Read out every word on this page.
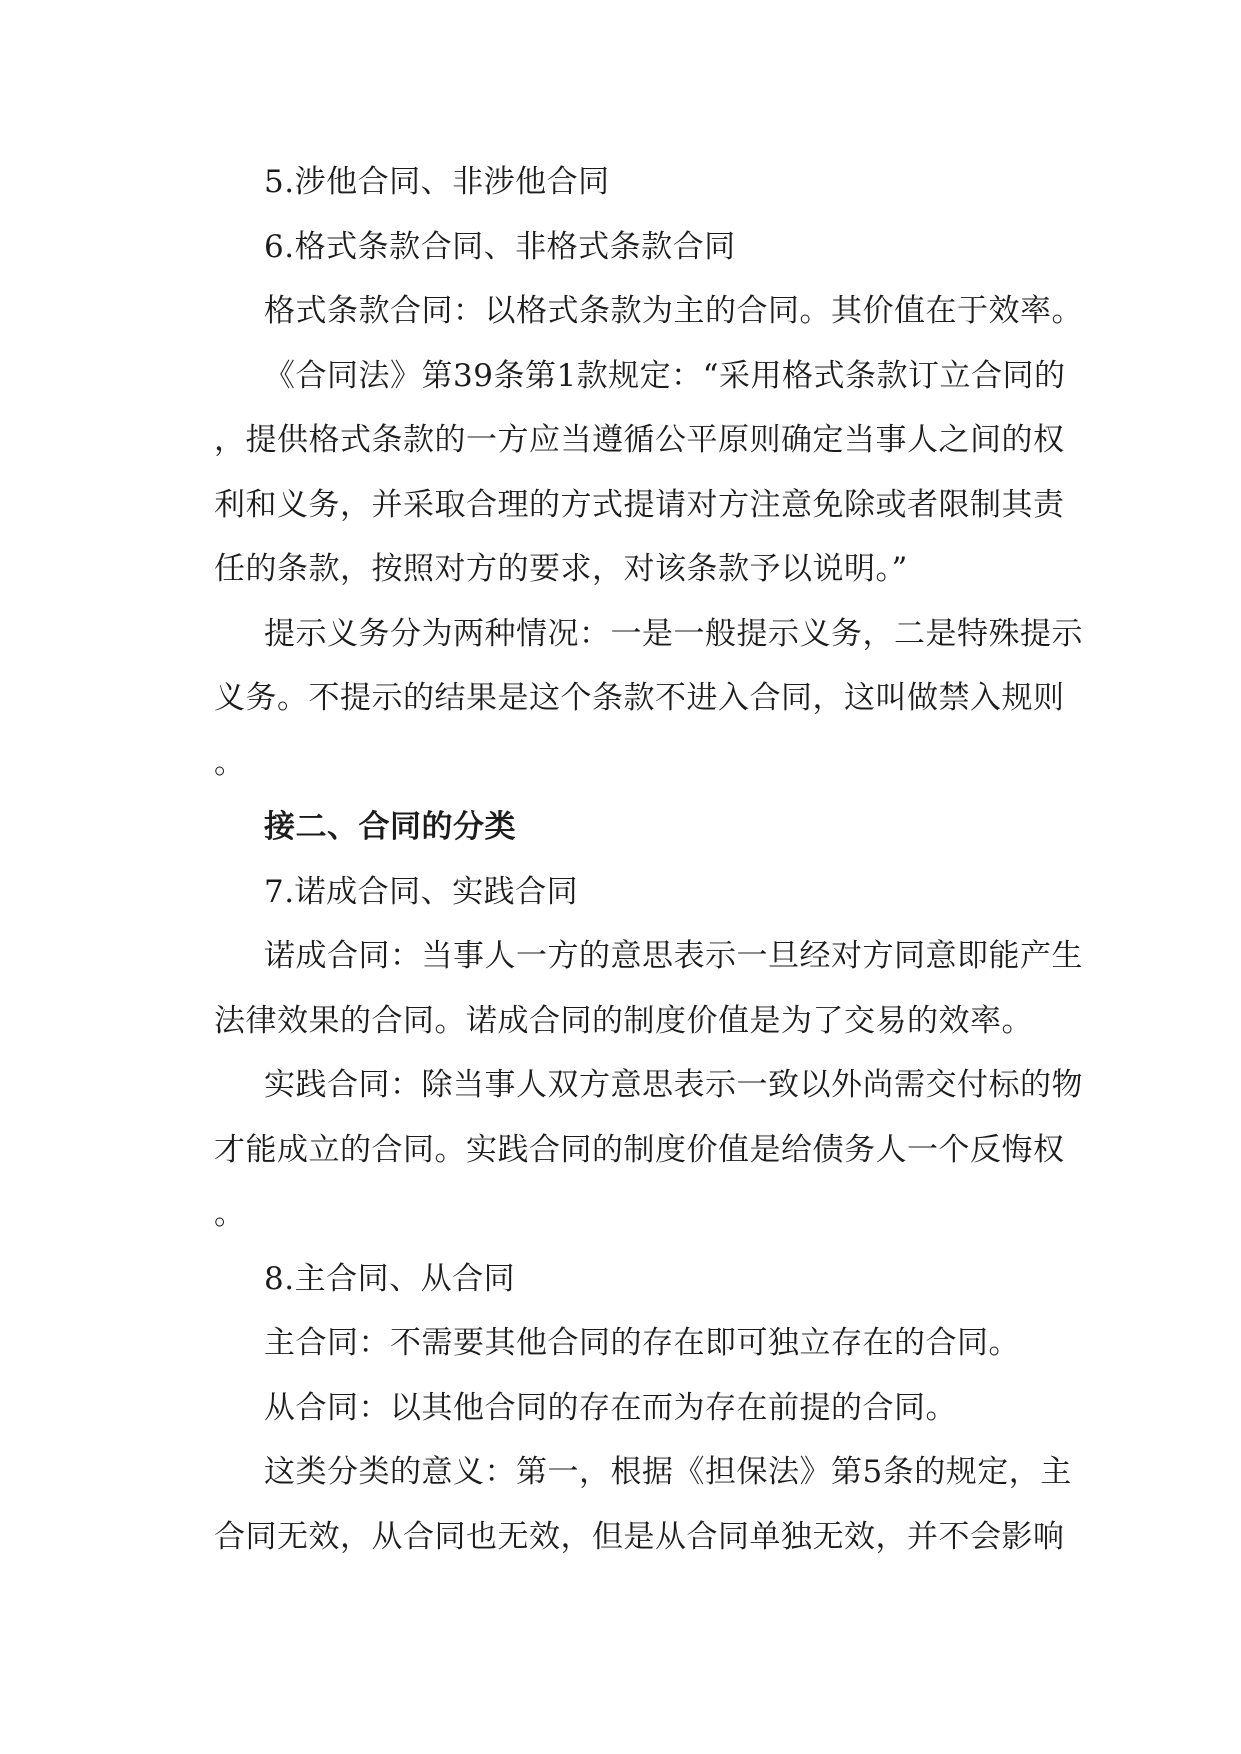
5.涉他合同、非涉他合同
6.格式条款合同、非格式条款合同
格式条款合同：以格式条款为主的合同。其价值在于效率。
《合同法》第39条第1款规定：“采用格式条款订立合同的
，提供格式条款的一方应当遵循公平原则确定当事人之间的权
利和义务，并采取合理的方式提请对方注意免除或者限制其责
任的条款，按照对方的要求，对该条款予以说明。”
提示义务分为两种情况：一是一般提示义务，二是特殊提示
义务。不提示的结果是这个条款不进入合同，这叫做禁入规则
。
接二、合同的分类
7.诺成合同、实践合同
诺成合同：当事人一方的意思表示一旦经对方同意即能产生
法律效果的合同。诺成合同的制度价值是为了交易的效率。
实践合同：除当事人双方意思表示一致以外尚需交付标的物
才能成立的合同。实践合同的制度价值是给债务人一个反悔权
。
8.主合同、从合同
主合同：不需要其他合同的存在即可独立存在的合同。
从合同：以其他合同的存在而为存在前提的合同。
这类分类的意义：第一，根据《担保法》第5条的规定，主
合同无效，从合同也无效，但是从合同单独无效，并不会影响
